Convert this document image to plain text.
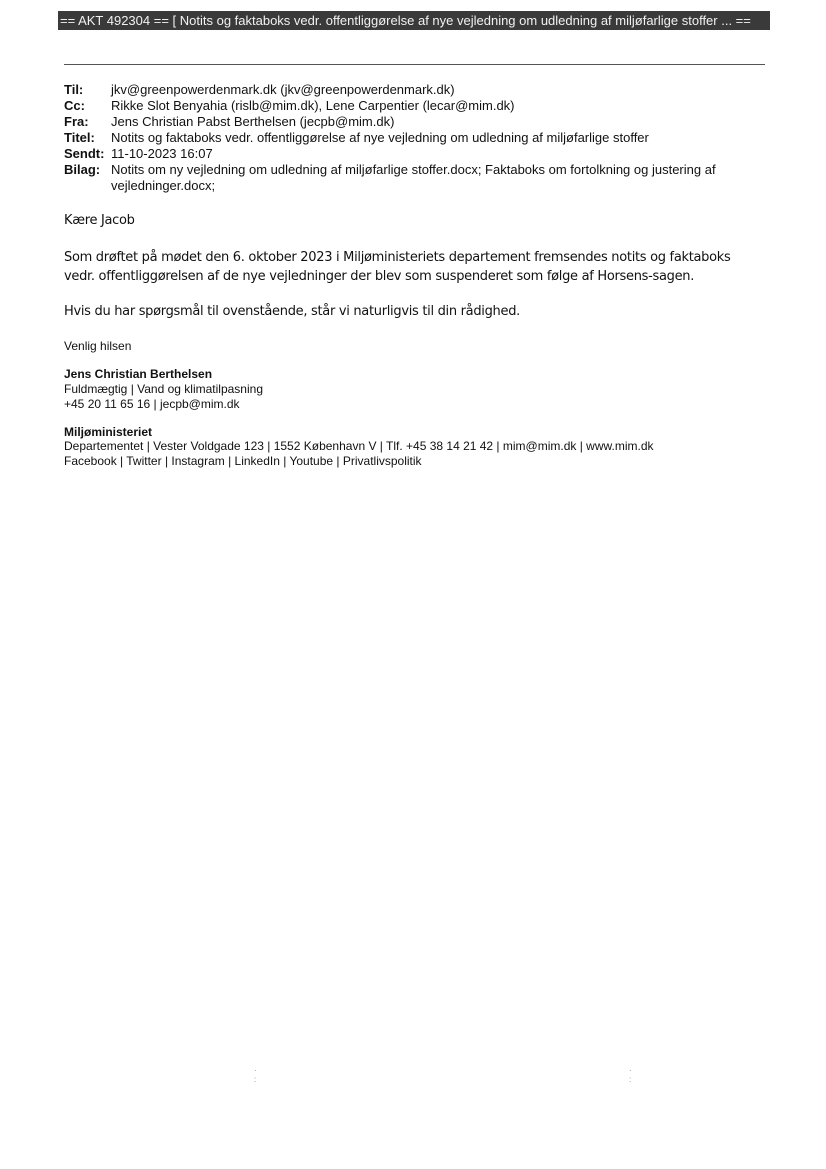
== AKT 492304 == [ Notits og faktaboks vedr. offentliggørelse af nye vejledning om udledning af miljøfarlige stoffer ... ==
Til:	jkv@greenpowerdenmark.dk (jkv@greenpowerdenmark.dk)
Cc:	Rikke Slot Benyahia (rislb@mim.dk), Lene Carpentier (lecar@mim.dk)
Fra:	Jens Christian Pabst Berthelsen (jecpb@mim.dk)
Titel:	Notits og faktaboks vedr. offentliggørelse af nye vejledning om udledning af miljøfarlige stoffer
Sendt:	11-10-2023 16:07
Bilag:	Notits om ny vejledning om udledning af miljøfarlige stoffer.docx; Faktaboks om fortolkning og justering af vejledninger.docx;

Kære Jacob

Som drøftet på mødet den 6. oktober 2023 i Miljøministeriets departement fremsendes notits og faktaboks vedr. offentliggørelsen af de nye vejledninger der blev som suspenderet som følge af Horsens-sagen.

Hvis du har spørgsmål til ovenstående, står vi naturligvis til din rådighed.

Venlig hilsen

Jens Christian Berthelsen

Fuldmægtig | Vand og klimatilpasning

+45 20 11 65 16 | jecpb@mim.dk

Miljøministeriet

Departementet | Vester Voldgade 123 | 1552 København V | Tlf. +45 38 14 21 42 | mim@mim.dk | www.mim.dk

Facebook | Twitter | Instagram | LinkedIn | Youtube | Privatlivspolitik

·
:
·
:
